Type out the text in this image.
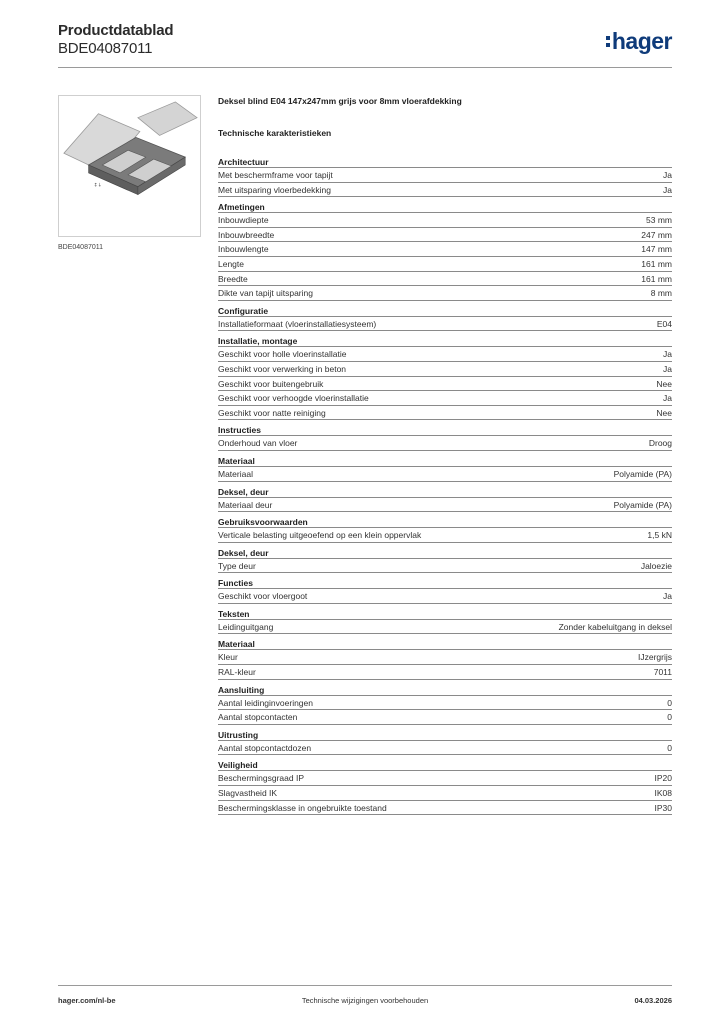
Productdatablad
BDE04087011	hager
↕↓
BDE04087011
Deksel blind E04 147x247mm grijs voor 8mm vloerafdekking
Technische karakteristieken
Architectuur
Met beschermframe voor tapijt	Ja
Met uitsparing vloerbedekking	Ja
Afmetingen
Inbouwdiepte	53 mm
Inbouwbreedte	247 mm
Inbouwlengte	147 mm
Lengte	161 mm
Breedte	161 mm
Dikte van tapijt uitsparing	8 mm
Configuratie
Installatieformaat (vloerinstallatiesysteem)	E04
Installatie, montage
Geschikt voor holle vloerinstallatie	Ja
Geschikt voor verwerking in beton	Ja
Geschikt voor buitengebruik	Nee
Geschikt voor verhoogde vloerinstallatie	Ja
Geschikt voor natte reiniging	Nee
Instructies
Onderhoud van vloer	Droog
Materiaal
Materiaal	Polyamide (PA)
Deksel, deur
Materiaal deur	Polyamide (PA)
Gebruiksvoorwaarden
Verticale belasting uitgeoefend op een klein oppervlak	1,5 kN
Deksel, deur
Type deur	Jaloezie
Functies
Geschikt voor vloergoot	Ja
Teksten
Leidinguitgang	Zonder kabeluitgang in deksel
Materiaal
Kleur	IJzergrijs
RAL-kleur	7011
Aansluiting
Aantal leidinginvoeringen	0
Aantal stopcontacten	0
Uitrusting
Aantal stopcontactdozen	0
Veiligheid
Beschermingsgraad IP	IP20
Slagvastheid IK	IK08
Beschermingsklasse in ongebruikte toestand	IP30
hager.com/nl-be	Technische wijzigingen voorbehouden	04.03.2026
